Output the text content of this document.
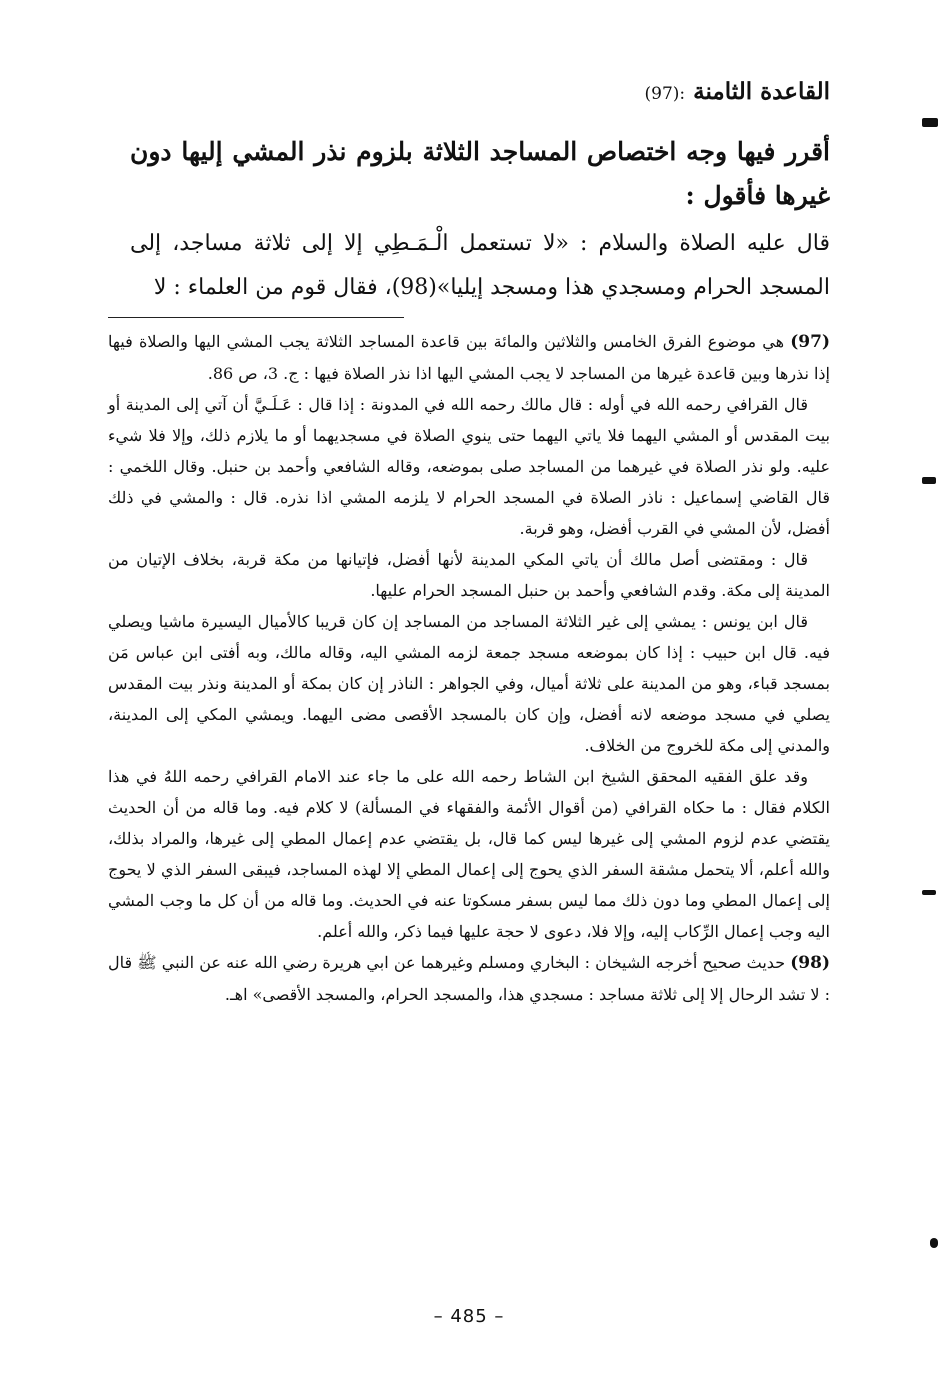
القاعدة الثامنة :(97)
أقرر فيها وجه اختصاص المساجد الثلاثة بلزوم نذر المشي إليها دون غيرها فأقول :
قال عليه الصلاة والسلام : «لا تستعمل الْـمَـطِي إلا إلى ثلاثة مساجد، إلى المسجد الحرام ومسجدي هذا ومسجد إيليا»(98)، فقال قوم من العلماء : لا

(97) هي موضوع الفرق الخامس والثلاثين والمائة بين قاعدة المساجد الثلاثة يجب المشي اليها والصلاة فيها إذا نذرها وبين قاعدة غيرها من المساجد لا يجب المشي اليها اذا نذر الصلاة فيها : ج. 3، ص 86.

قال القرافي رحمه الله في أوله : قال مالك رحمه الله في المدونة : إذا قال : عَـلَـيَّ أن آتي إلى المدينة أو بيت المقدس أو المشي اليهما فلا ياتي اليهما حتى ينوي الصلاة في مسجديهما أو ما يلازم ذلك، وإلا فلا شيء عليه. ولو نذر الصلاة في غيرهما من المساجد صلى بموضعه، وقاله الشافعي وأحمد بن حنبل. وقال اللخمي : قال القاضي إسماعيل : ناذر الصلاة في المسجد الحرام لا يلزمه المشي اذا نذره. قال : والمشي في ذلك أفضل، لأن المشي في القرب أفضل، وهو قربة.

قال : ومقتضى أصل مالك أن ياتي المكي المدينة لأنها أفضل، فإتيانها من مكة قربة، بخلاف الإتيان من المدينة إلى مكة. وقدم الشافعي وأحمد بن حنبل المسجد الحرام عليها.

قال ابن يونس : يمشي إلى غير الثلاثة المساجد من المساجد إن كان قريبا كالأميال اليسيرة ماشيا ويصلي فيه. قال ابن حبيب : إذا كان بموضعه مسجد جمعة لزمه المشي اليه، وقاله مالك، وبه أفتى ابن عباس مَن بمسجد قباء، وهو من المدينة على ثلاثة أميال، وفي الجواهر : الناذر إن كان بمكة أو المدينة ونذر بيت المقدس يصلي في مسجد موضعه لانه أفضل، وإن كان بالمسجد الأقصى مضى اليهما. ويمشي المكي إلى المدينة، والمدني إلى مكة للخروج من الخلاف.

وقد علق الفقيه المحقق الشيخ ابن الشاط رحمه الله على ما جاء عند الامام القرافي رحمه اللهُ في هذا الكلام فقال : ما حكاه القرافي (من أقوال الأئمة والفقهاء في المسألة) لا كلام فيه. وما قاله من أن الحديث يقتضي عدم لزوم المشي إلى غيرها ليس كما قال، بل يقتضي عدم إعمال المطي إلى غيرها، والمراد بذلك، والله أعلم، ألا يتحمل مشقة السفر الذي يحوج إلى إعمال المطي إلا لهذه المساجد، فيبقى السفر الذي لا يحوج إلى إعمال المطي وما دون ذلك مما ليس بسفر مسكوتا عنه في الحديث. وما قاله من أن كل ما وجب المشي اليه وجب إعمال الرِّكاب إليه، وإلا فلا، دعوى لا حجة عليها فيما ذكر، والله أعلم.

(98) حديث صحيح أخرجه الشيخان : البخاري ومسلم وغيرهما عن ابي هريرة رضي الله عنه عن النبي ﷺ قال : لا تشد الرحال إلا إلى ثلاثة مساجد : مسجدي هذا، والمسجد الحرام، والمسجد الأقصى» اهـ.

– 485 –
